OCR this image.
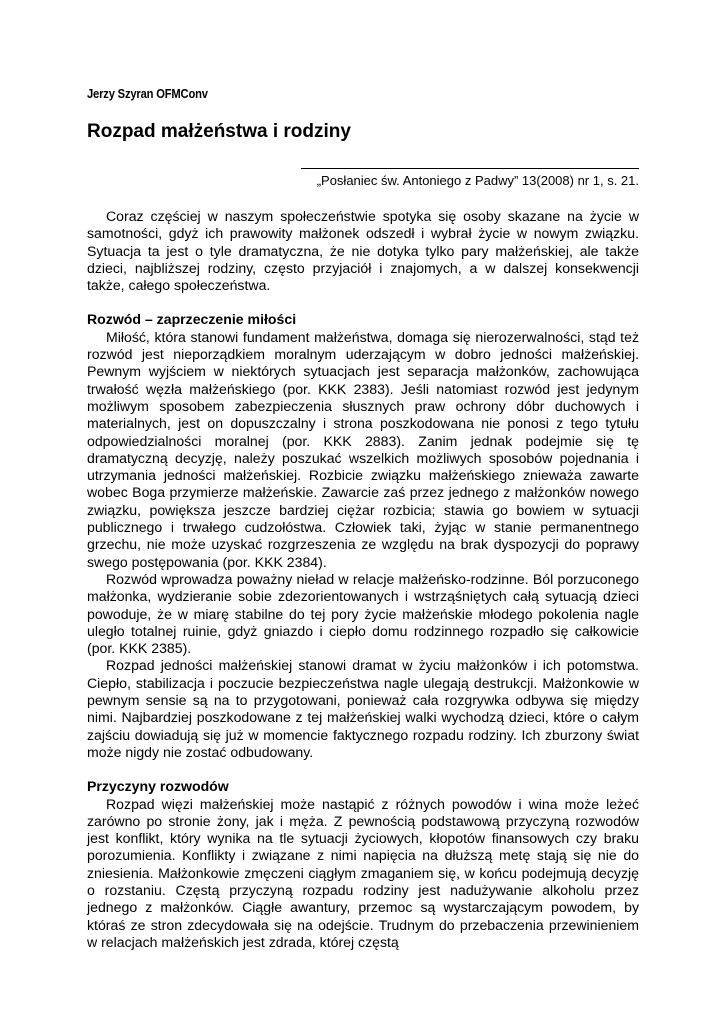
Jerzy Szyran OFMConv
Rozpad małżeństwa i rodziny
„Posłaniec św. Antoniego z Padwy” 13(2008) nr 1, s. 21.

Coraz częściej w naszym społeczeństwie spotyka się osoby skazane na życie w samotności, gdyż ich prawowity małżonek odszedł i wybrał życie w nowym związku. Sytuacja ta jest o tyle dramatyczna, że nie dotyka tylko pary małżeńskiej, ale także dzieci, najbliższej rodziny, często przyjaciół i znajomych, a w dalszej konsekwencji także, całego społeczeństwa.

Rozwód – zaprzeczenie miłości

Miłość, która stanowi fundament małżeństwa, domaga się nierozerwalności, stąd też rozwód jest nieporządkiem moralnym uderzającym w dobro jedności małżeńskiej. Pewnym wyjściem w niektórych sytuacjach jest separacja małżonków, zachowująca trwałość węzła małżeńskiego (por. KKK 2383). Jeśli natomiast rozwód jest jedynym możliwym sposobem zabezpieczenia słusznych praw ochrony dóbr duchowych i materialnych, jest on dopuszczalny i strona poszkodowana nie ponosi z tego tytułu odpowiedzialności moralnej (por. KKK 2883). Zanim jednak podejmie się tę dramatyczną decyzję, należy poszukać wszelkich możliwych sposobów pojednania i utrzymania jedności małżeńskiej. Rozbicie związku małżeńskiego znieważa zawarte wobec Boga przymierze małżeńskie. Zawarcie zaś przez jednego z małżonków nowego związku, powiększa jeszcze bardziej ciężar rozbicia; stawia go bowiem w sytuacji publicznego i trwałego cudzołóstwa. Człowiek taki, żyjąc w stanie permanentnego grzechu, nie może uzyskać rozgrzeszenia ze względu na brak dyspozycji do poprawy swego postępowania (por. KKK 2384).

Rozwód wprowadza poważny nieład w relacje małżeńsko-rodzinne. Ból porzuconego małżonka, wydzieranie sobie zdezorientowanych i wstrząśniętych całą sytuacją dzieci powoduje, że w miarę stabilne do tej pory życie małżeńskie młodego pokolenia nagle uległo totalnej ruinie, gdyż gniazdo i ciepło domu rodzinnego rozpadło się całkowicie (por. KKK 2385).

Rozpad jedności małżeńskiej stanowi dramat w życiu małżonków i ich potomstwa. Ciepło, stabilizacja i poczucie bezpieczeństwa nagle ulegają destrukcji. Małżonkowie w pewnym sensie są na to przygotowani, ponieważ cała rozgrywka odbywa się między nimi. Najbardziej poszkodowane z tej małżeńskiej walki wychodzą dzieci, które o całym zajściu dowiadują się już w momencie faktycznego rozpadu rodziny. Ich zburzony świat może nigdy nie zostać odbudowany.

Przyczyny rozwodów

Rozpad więzi małżeńskiej może nastąpić z różnych powodów i wina może leżeć zarówno po stronie żony, jak i męża. Z pewnością podstawową przyczyną rozwodów jest konflikt, który wynika na tle sytuacji życiowych, kłopotów finansowych czy braku porozumienia. Konflikty i związane z nimi napięcia na dłuższą metę stają się nie do zniesienia. Małżonkowie zmęczeni ciągłym zmaganiem się, w końcu podejmują decyzję o rozstaniu. Częstą przyczyną rozpadu rodziny jest nadużywanie alkoholu przez jednego z małżonków. Ciągłe awantury, przemoc są wystarczającym powodem, by któraś ze stron zdecydowała się na odejście. Trudnym do przebaczenia przewinieniem w relacjach małżeńskich jest zdrada, której częstą
